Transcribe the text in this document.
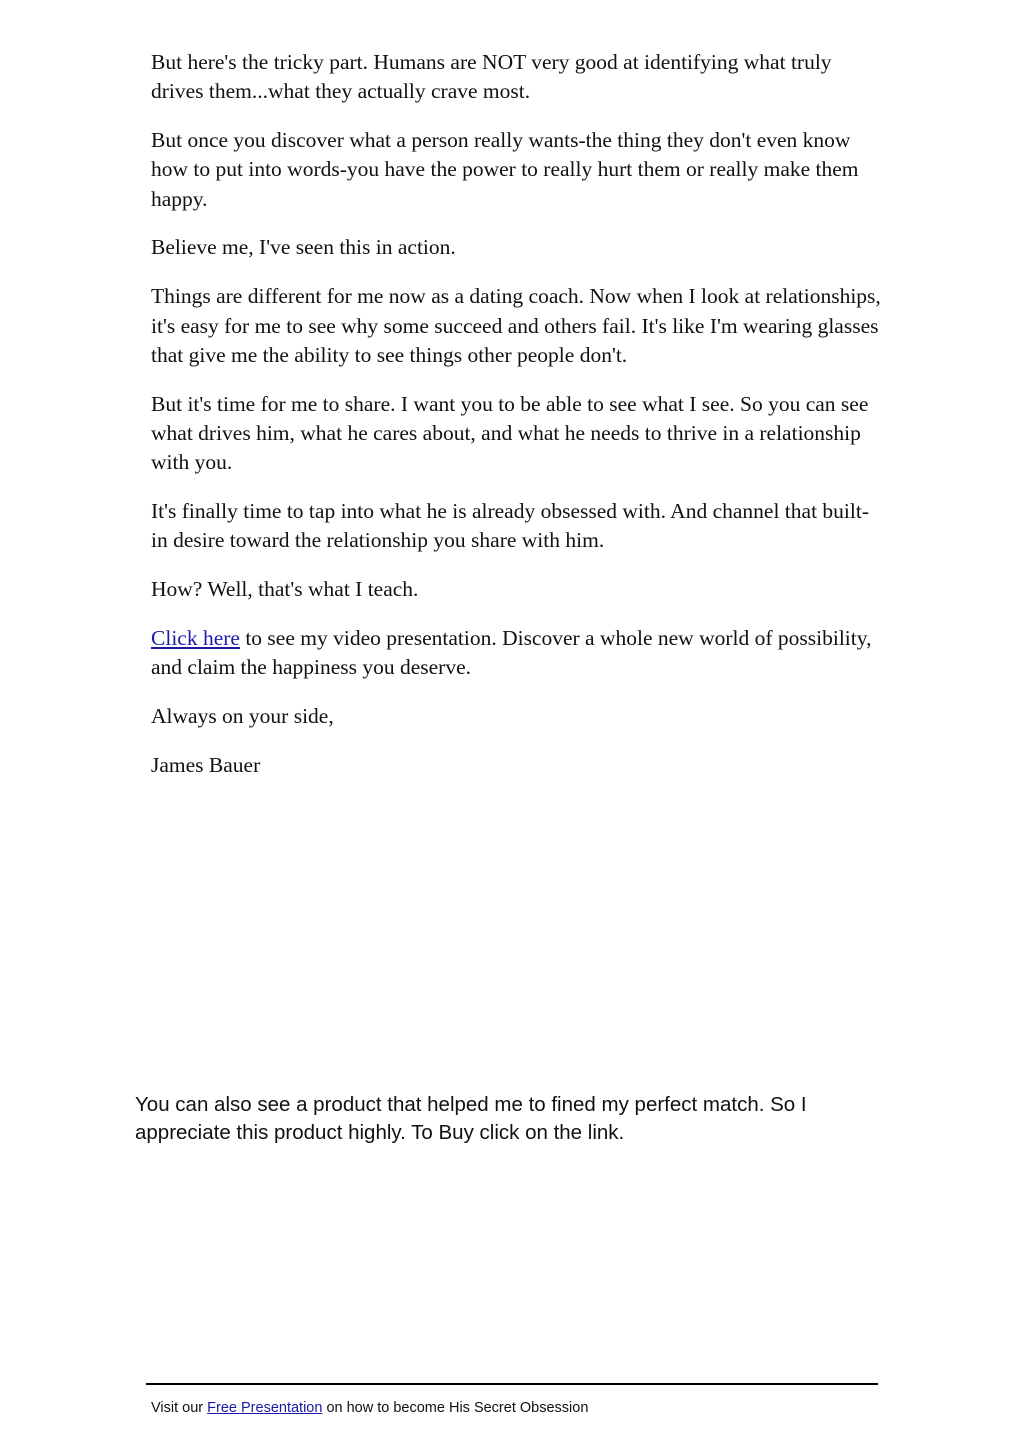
But here's the tricky part. Humans are NOT very good at identifying what truly drives them...what they actually crave most.

But once you discover what a person really wants-the thing they don't even know how to put into words-you have the power to really hurt them or really make them happy.

Believe me, I've seen this in action.

Things are different for me now as a dating coach. Now when I look at relationships, it's easy for me to see why some succeed and others fail. It's like I'm wearing glasses that give me the ability to see things other people don't.

But it's time for me to share. I want you to be able to see what I see. So you can see what drives him, what he cares about, and what he needs to thrive in a relationship with you.

It's finally time to tap into what he is already obsessed with. And channel that built-in desire toward the relationship you share with him.

How? Well, that's what I teach.

Click here to see my video presentation. Discover a whole new world of possibility, and claim the happiness you deserve.

Always on your side,

James Bauer

You can also see a product that helped me to fined my perfect match. So I appreciate this product highly. To Buy click on the link.

Visit our Free Presentation on how to become His Secret Obsession
